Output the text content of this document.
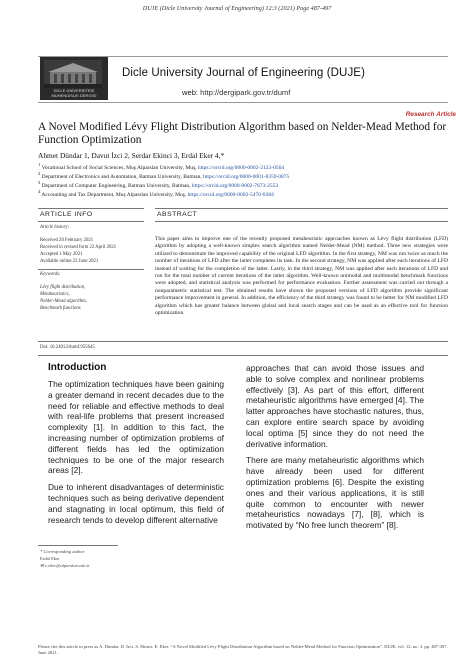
DUJE (Dicle University Journal of Engineering) 12:3 (2021) Page 487-497
DİCLE ÜNİVERSİTESİ MÜHENDİSLİK DERGİSİ
Dicle University Journal of Engineering (DUJE)
web: http://dergipark.gov.tr/dumf
Research Article
A Novel Modified Lévy Flight Distribution Algorithm based on Nelder-Mead Method for Function Optimization
Ahmet Dündar 1, Davut İzci 2, Serdar Ekinci 3, Erdal Eker 4,*
$^1$ Vocational School of Social Sciences, Muş Alparslan University, Muş, https://orcid.org/0000-0002-2123-0564
$^2$ Department of Electronics and Automation, Batman University, Batman, https://orcid.org/0000-0001-8359-0875
$^3$ Department of Computer Engineering, Batman University, Batman, https://orcid.org/0000-0002-7673-2553
$^4$ Accounting and Tax Department, Muş Alparslan University, Muş, https://orcid.org/0000-0002-5470-8384
ARTICLE INFO
Article history:
Received 20 February 2021
Received in revised form 22 April 2021
Accepted 1 May 2021
Available online 22 June 2021
Keywords:
Lévy flight distribution,
Metaheuristics,
Nelder-Mead algorithm,
Benchmark functions
ABSTRACT
This paper aims to improve one of the recently proposed metaheuristic approaches known as Lévy flight distribution (LFD) algorithm by adopting a well-known simplex search algorithm named Nelder-Mead (NM) method. Three new strategies were utilized to demonstrate the improved capability of the original LFD algorithm. In the first strategy, NM was run twice as much the number of iterations of LFD after the latter completes its task. In the second strategy, NM was applied after each iterations of LFD instead of waiting for the completion of the latter. Lastly, in the third strategy, NM was applied after each iterations of LFD and run for the total number of current iterations of the latter algorithm. Well-known unimodal and multimodal benchmark functions were adopted, and statistical analysis was performed for performance evaluation. Further assessment was carried out through a nonparametric statistical test. The obtained results have shown the proposed versions of LFD algorithm provide significant performance improvement in general. In addition, the efficiency of the third strategy was found to be better for NM modified LFD algorithm which has greater balance between global and local search stages and can be used as an effective tool for function optimization.
Doi: 10.24012/dumf.955645
Introduction

The optimization techniques have been gaining a greater demand in recent decades due to the need for reliable and effective methods to deal with real-life problems that present increased complexity [1]. In addition to this fact, the increasing number of optimization problems of different fields has led the optimization techniques to be one of the major research areas [2].

Due to inherent disadvantages of deterministic techniques such as being derivative dependent and stagnating in local optimum, this field of research tends to develop different alternative

approaches that can avoid those issues and able to solve complex and nonlinear problems effectively [3]. As part of this effort, different metaheuristic algorithms have emerged [4]. The latter approaches have stochastic natures, thus, can explore entire search space by avoiding local optima [5] since they do not need the derivative information.

There are many metaheuristic algorithms which have already been used for different optimization problems [6]. Despite the existing ones and their various applications, it is still quite common to encounter with newer metaheuristics nowadays [7], [8], which is motivated by “No free lunch theorem” [8].

* Corresponding author
Erdal Eker
✉ e.eker@alparslan.edu.tr
Please cite this article in press as A. Dündar, D. İzci, S. Ekinci, E. Eker, “A Novel Modified Lévy Flight Distribution Algorithm based on Nelder-Mead Method for Function Optimization”, DUJE, vol. 12, no. 3, pp. 487-497, June 2021.
